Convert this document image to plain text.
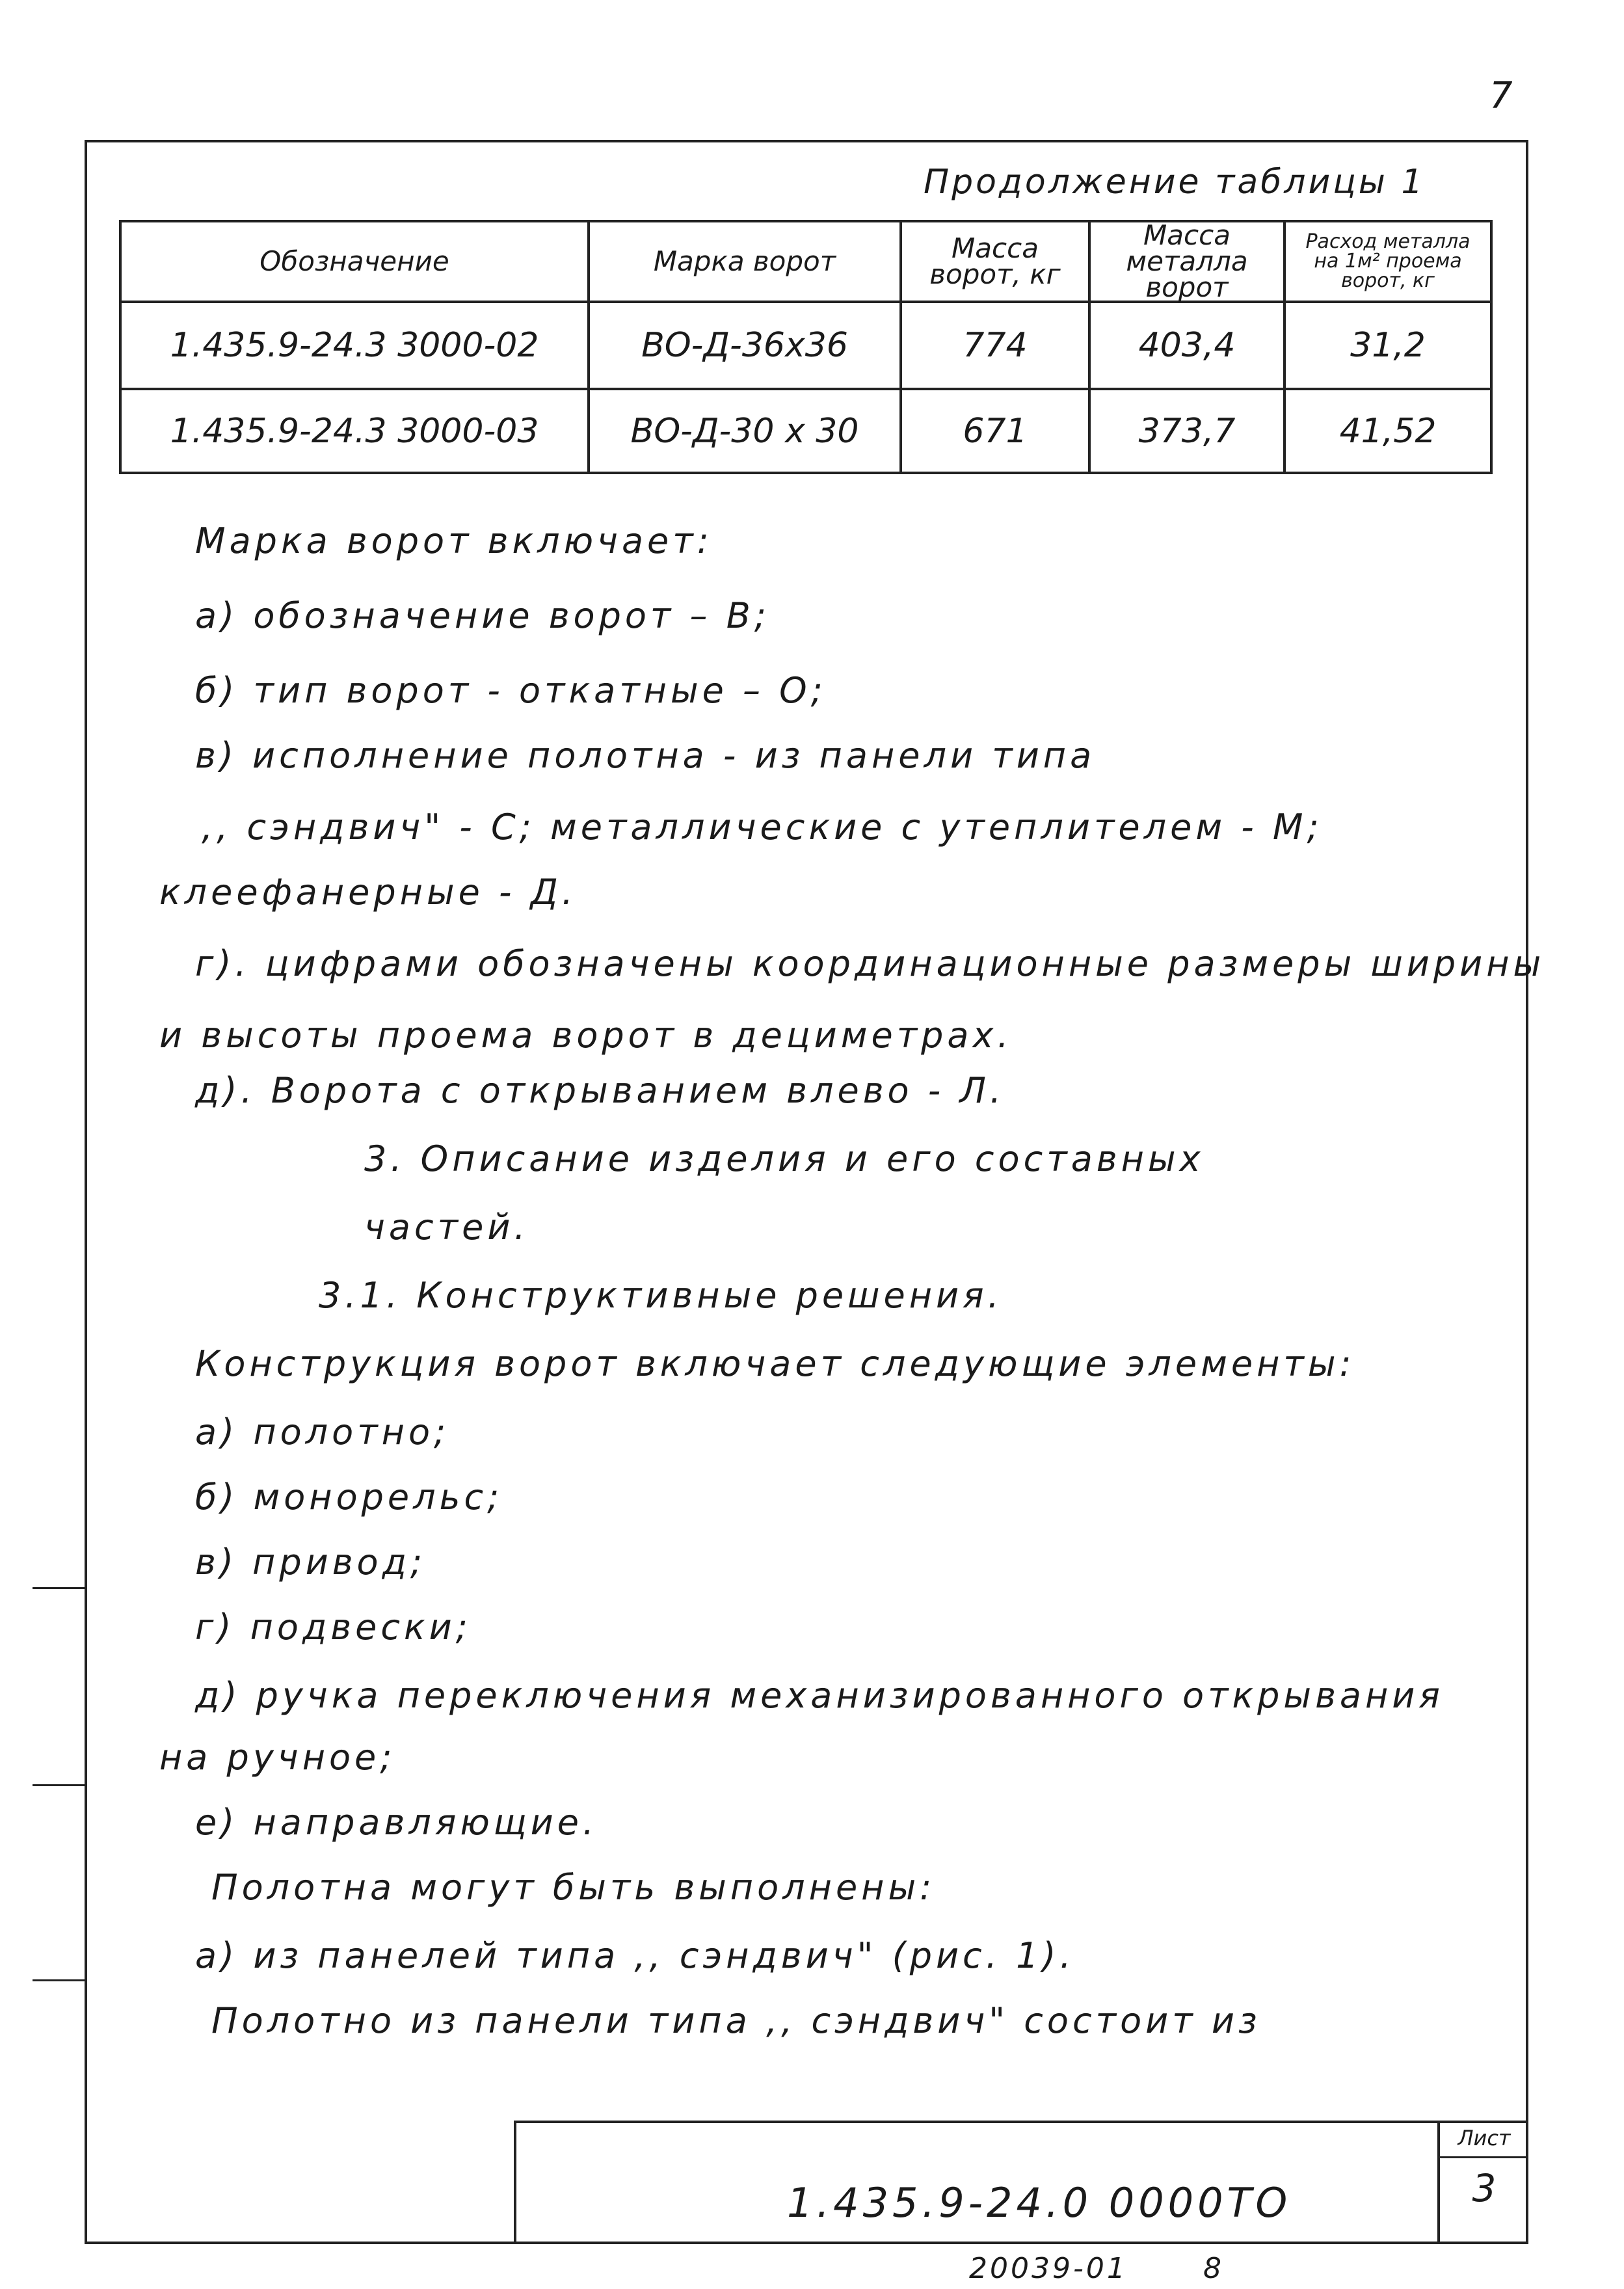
7
Продолжение таблицы 1
Обозначение	Марка ворот	Масса ворот, кг	Масса металла ворот	Расход металла на 1м² проема ворот, кг
1.435.9-24.3 3000-02	ВО-Д-36х36	774	403,4	31,2
1.435.9-24.3 3000-03	ВО-Д-30 х 30	671	373,7	41,52
Марка ворот включает:
а) обозначение ворот – В;
б) тип ворот - откатные – О;
в) исполнение полотна - из панели типа
,, сэндвич" - С; металлические с утеплителем - М;
клеефанерные - Д.
г). цифрами обозначены координационные размеры ширины
и высоты проема ворот в дециметрах.
д). Ворота с открыванием влево - Л.
3. Описание изделия и его составных
частей.
3.1. Конструктивные решения.
Конструкция ворот включает следующие элементы:
а) полотно;
б) монорельс;
в) привод;
г) подвески;
д) ручка переключения механизированного открывания
на ручное;
е) направляющие.
Полотна могут быть выполнены:
а) из панелей типа ,, сэндвич" (рис. 1).
Полотно из панели типа ,, сэндвич" состоит из
1.435.9-24.0 0000ТО
Лист
3
20039-01	8
